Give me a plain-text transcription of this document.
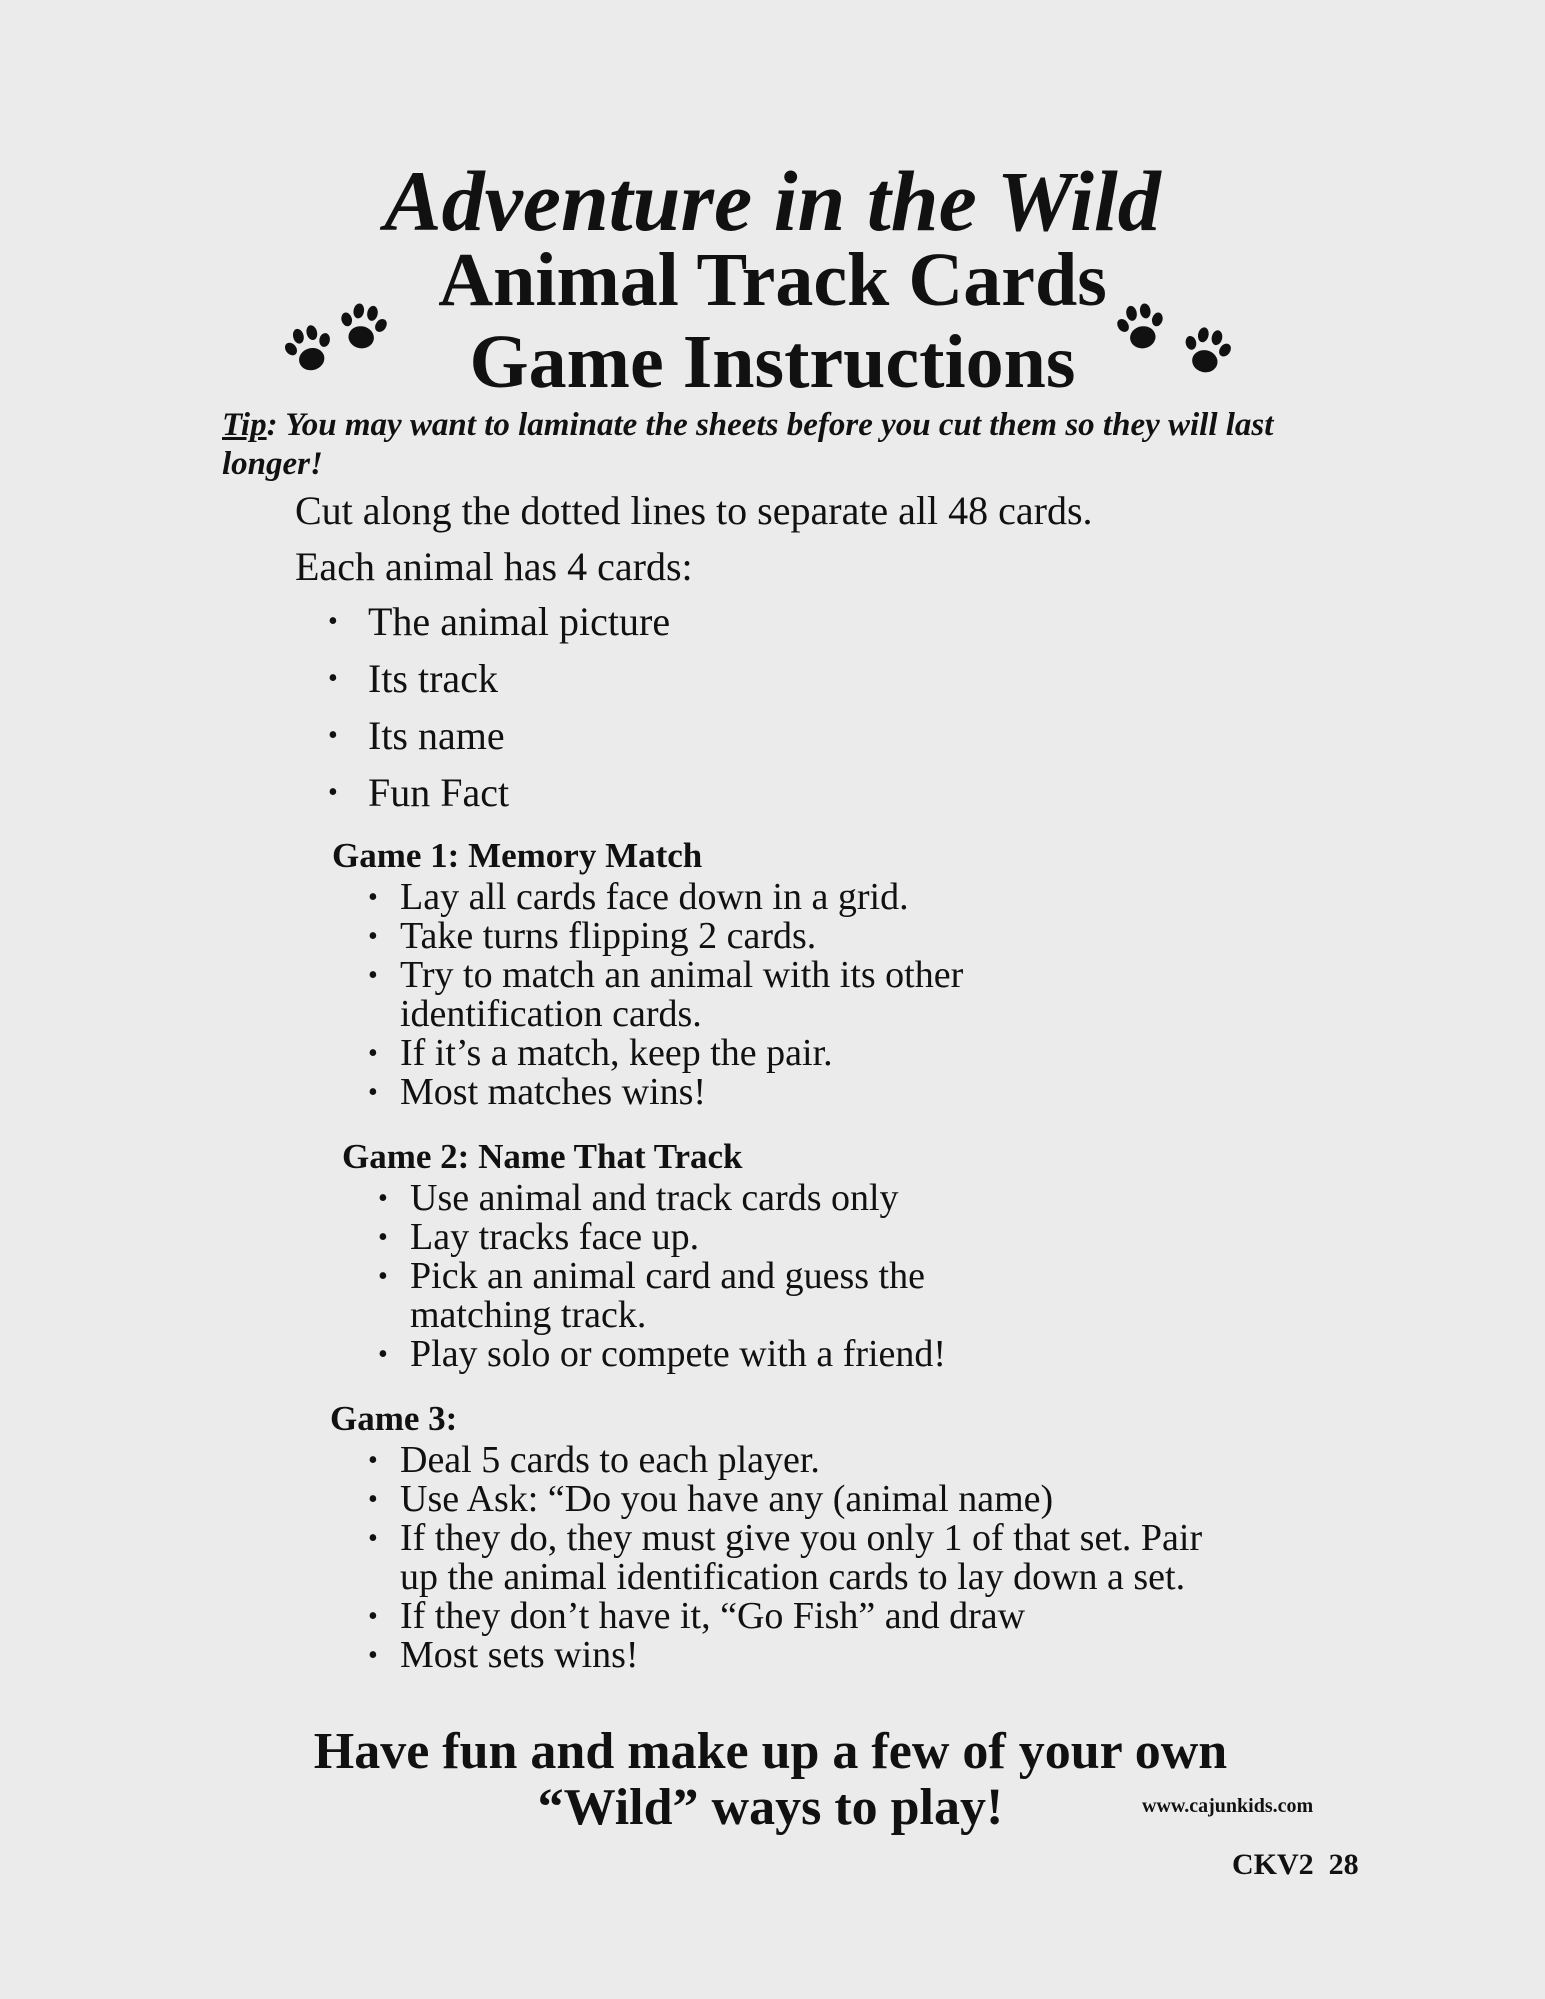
Adventure in the Wild
Animal Track Cards
Game Instructions
Tip: You may want to laminate the sheets before you cut them so they will last longer!
Cut along the dotted lines to separate all 48 cards.
Each animal has 4 cards:
• The animal picture
• Its track
• Its name
• Fun Fact
Game 1: Memory Match
• Lay all cards face down in a grid.
• Take turns flipping 2 cards.
• Try to match an animal with its other identification cards.
• If it’s a match, keep the pair.
• Most matches wins!
Game 2: Name That Track
• Use animal and track cards only
• Lay tracks face up.
• Pick an animal card and guess the matching track.
• Play solo or compete with a friend!
Game 3:
• Deal 5 cards to each player.
• Use Ask: “Do you have any (animal name)
• If they do, they must give you only 1 of that set. Pair up the animal identification cards to lay down a set.
• If they don’t have it, “Go Fish” and draw
• Most sets wins!
Have fun and make up a few of your own
“Wild” ways to play!	www.cajunkids.com
CKV2 28
